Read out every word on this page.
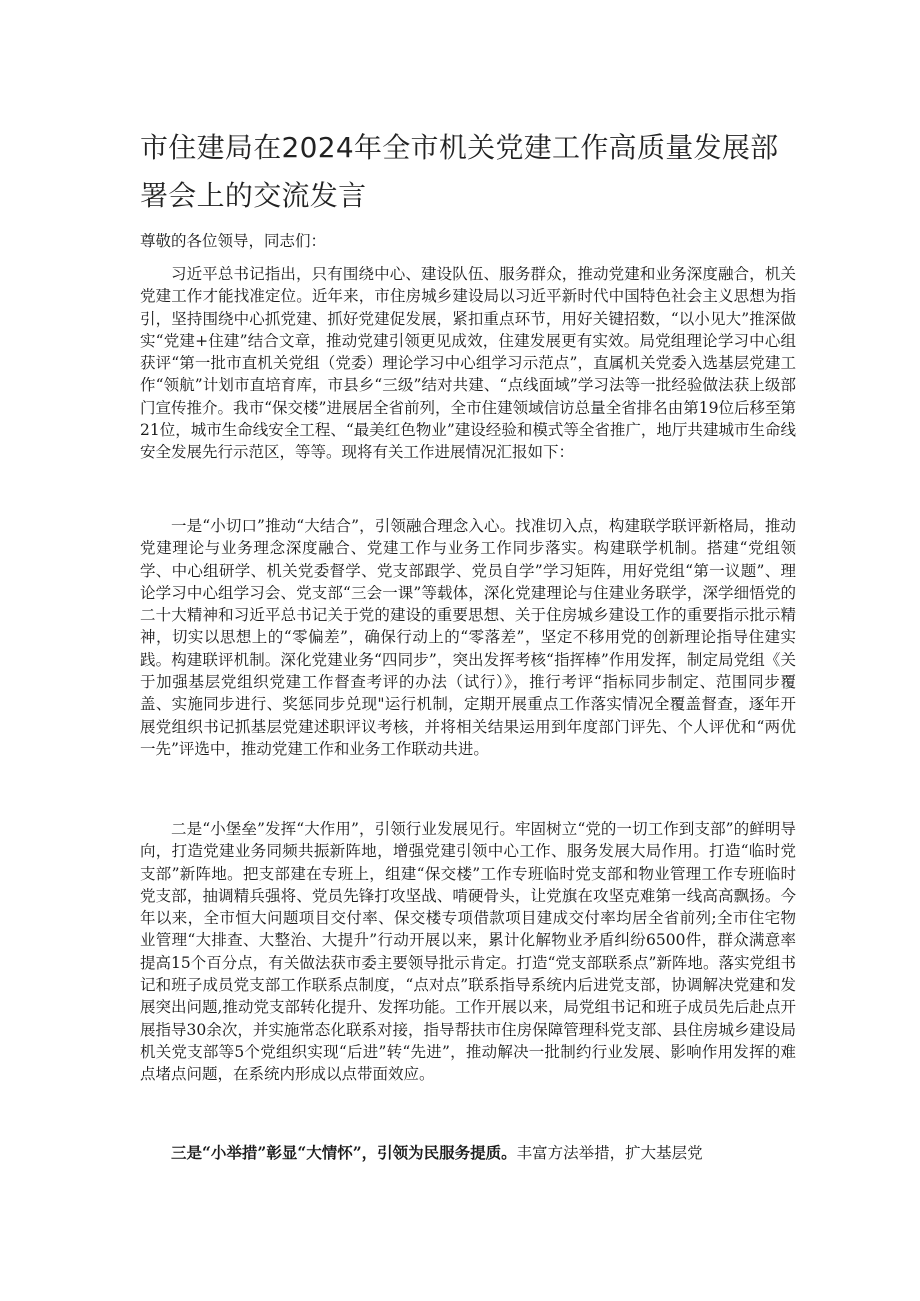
市住建局在2024年全市机关党建工作高质量发展部署会上的交流发言
尊敬的各位领导，同志们：
习近平总书记指出，只有围绕中心、建设队伍、服务群众，推动党建和业务深度融合，机关党建工作才能找准定位。近年来，市住房城乡建设局以习近平新时代中国特色社会主义思想为指引，坚持围绕中心抓党建、抓好党建促发展，紧扣重点环节，用好关键招数，“以小见大”推深做实“党建+住建”结合文章，推动党建引领更见成效，住建发展更有实效。局党组理论学习中心组获评“第一批市直机关党组（党委）理论学习中心组学习示范点”，直属机关党委入选基层党建工作“领航”计划市直培育库，市县乡“三级”结对共建、“点线面域”学习法等一批经验做法获上级部门宣传推介。我市“保交楼”进展居全省前列，全市住建领域信访总量全省排名由第19位后移至第21位，城市生命线安全工程、“最美红色物业”建设经验和模式等全省推广，地厅共建城市生命线安全发展先行示范区，等等。现将有关工作进展情况汇报如下：
一是“小切口”推动“大结合”，引领融合理念入心。找准切入点，构建联学联评新格局，推动党建理论与业务理念深度融合、党建工作与业务工作同步落实。构建联学机制。搭建“党组领学、中心组研学、机关党委督学、党支部跟学、党员自学”学习矩阵，用好党组“第一议题”、理论学习中心组学习会、党支部“三会一课”等载体，深化党建理论与住建业务联学，深学细悟党的二十大精神和习近平总书记关于党的建设的重要思想、关于住房城乡建设工作的重要指示批示精神，切实以思想上的“零偏差”，确保行动上的“零落差”，坚定不移用党的创新理论指导住建实践。构建联评机制。深化党建业务“四同步”，突出发挥考核“指挥棒”作用发挥，制定局党组《关于加强基层党组织党建工作督查考评的办法（试行）》，推行考评“指标同步制定、范围同步覆盖、实施同步进行、奖惩同步兑现"运行机制，定期开展重点工作落实情况全覆盖督查，逐年开展党组织书记抓基层党建述职评议考核，并将相关结果运用到年度部门评先、个人评优和“两优一先”评选中，推动党建工作和业务工作联动共进。
二是“小堡垒”发挥“大作用”，引领行业发展见行。牢固树立“党的一切工作到支部”的鲜明导向，打造党建业务同频共振新阵地，增强党建引领中心工作、服务发展大局作用。打造“临时党支部”新阵地。把支部建在专班上，组建“保交楼”工作专班临时党支部和物业管理工作专班临时党支部，抽调精兵强将、党员先锋打攻坚战、啃硬骨头，让党旗在攻坚克难第一线高高飘扬。今年以来，全市恒大问题项目交付率、保交楼专项借款项目建成交付率均居全省前列;全市住宅物业管理“大排查、大整治、大提升”行动开展以来，累计化解物业矛盾纠纷6500件，群众满意率提高15个百分点，有关做法获市委主要领导批示肯定。打造“党支部联系点”新阵地。落实党组书记和班子成员党支部工作联系点制度，“点对点”联系指导系统内后进党支部，协调解决党建和发展突出问题,推动党支部转化提升、发挥功能。工作开展以来，局党组书记和班子成员先后赴点开展指导30余次，并实施常态化联系对接，指导帮扶市住房保障管理科党支部、县住房城乡建设局机关党支部等5个党组织实现“后进”转“先进”，推动解决一批制约行业发展、影响作用发挥的难点堵点问题，在系统内形成以点带面效应。
三是“小举措”彰显“大情怀”，引领为民服务提质。丰富方法举措，扩大基层党
